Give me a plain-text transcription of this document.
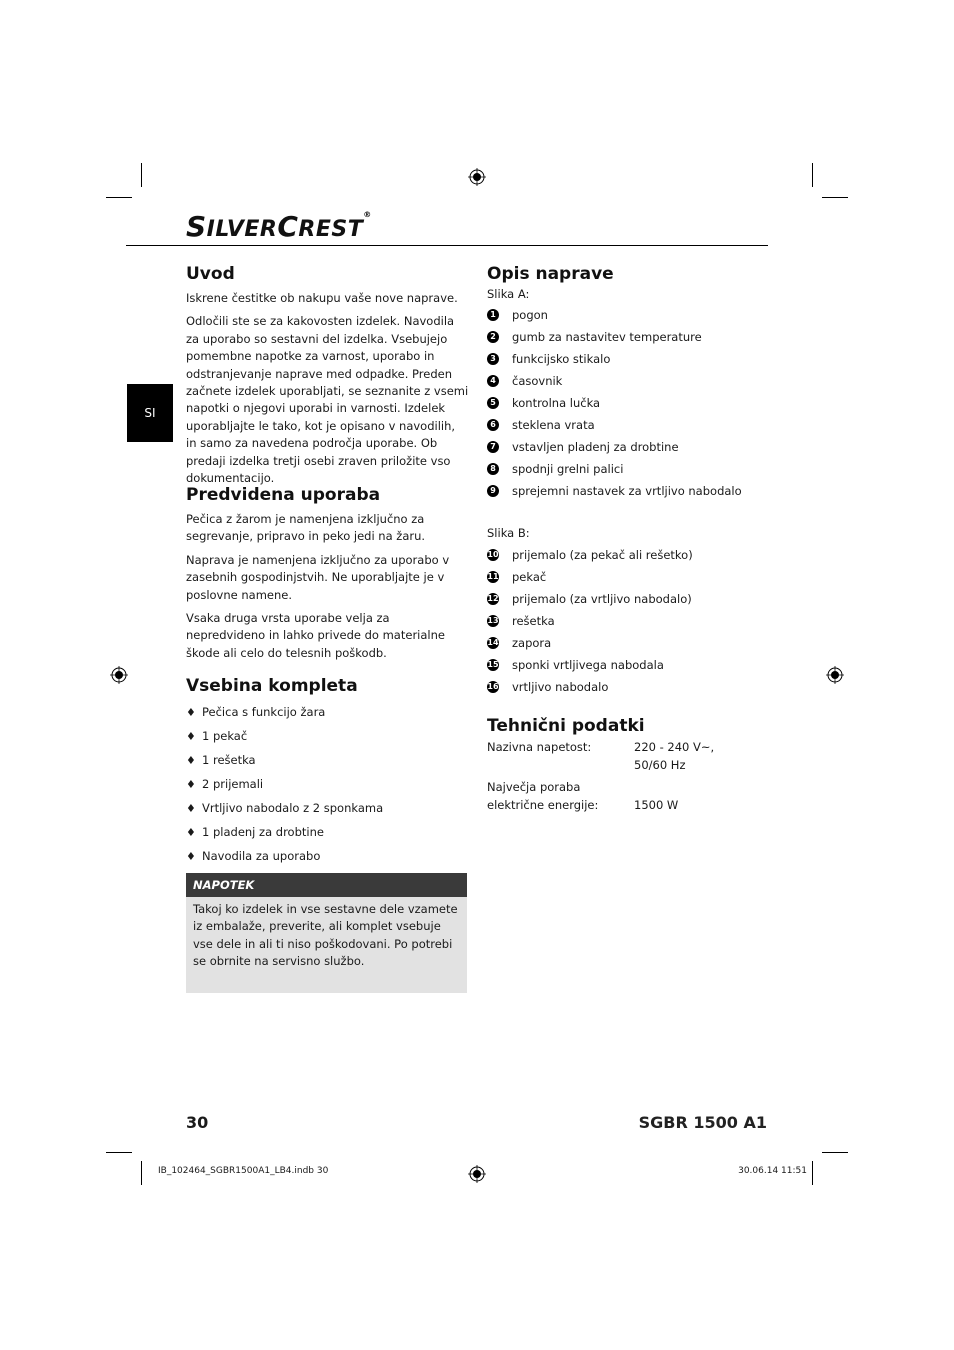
SILVERCREST®
SI
Uvod

Iskrene čestitke ob nakupu vaše nove naprave.

Odločili ste se za kakovosten izdelek. Navodila za uporabo so sestavni del izdelka. Vsebujejo pomembne napotke za varnost, uporabo in odstranjevanje naprave med odpadke. Preden začnete izdelek uporabljati, se seznanite z vsemi napotki o njegovi uporabi in varnosti. Izdelek uporabljajte le tako, kot je opisano v navodilih, in samo za navedena področja uporabe. Ob predaji izdelka tretji osebi zraven priložite vso dokumentacijo.

Predvidena uporaba

Pečica z žarom je namenjena izključno za segrevanje, pripravo in peko jedi na žaru.

Naprava je namenjena izključno za uporabo v zasebnih gospodinjstvih. Ne uporabljajte je v poslovne namene.

Vsaka druga vrsta uporabe velja za nepredvideno in lahko privede do materialne škode ali celo do telesnih poškodb.

Vsebina kompleta
♦ Pečica s funkcijo žara
♦ 1 pekač
♦ 1 rešetka
♦ 2 prijemali
♦ Vrtljivo nabodalo z 2 sponkama
♦ 1 pladenj za drobtine
♦ Navodila za uporabo
NAPOTEK
Takoj ko izdelek in vse sestavne dele vzamete iz embalaže, preverite, ali komplet vsebuje vse dele in ali ti niso poškodovani. Po potrebi se obrnite na servisno službo.
Opis naprave

Slika A:

1 pogon
2 gumb za nastavitev temperature
3 funkcijsko stikalo
4 časovnik
5 kontrolna lučka
6 steklena vrata
7 vstavljen pladenj za drobtine
8 spodnji grelni palici
9 sprejemni nastavek za vrtljivo nabodalo

Slika B:

10 prijemalo (za pekač ali rešetko)
11 pekač
12 prijemalo (za vrtljivo nabodalo)
13 rešetka
14 zapora
15 sponki vrtljivega nabodala
16 vrtljivo nabodalo
Tehnični podatki
Nazivna napetost:	220 - 240 V~,
50/60 Hz
Največja poraba
električne energije:
	1500 W
30	SGBR 1500 A1
IB_102464_SGBR1500A1_LB4.indb 30	30.06.14 11:51
